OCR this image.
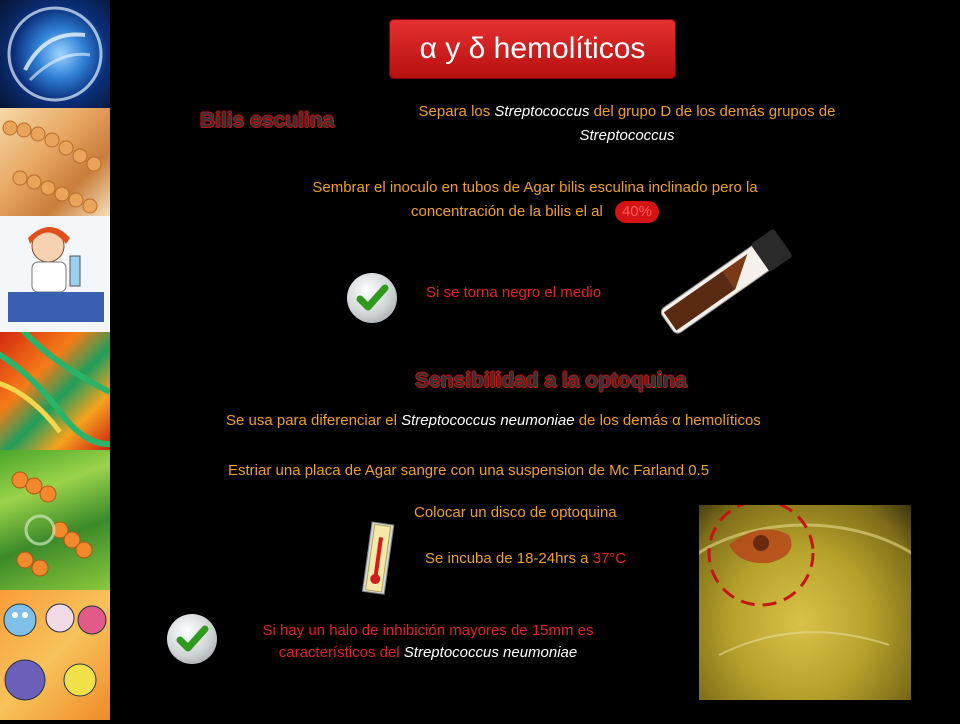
α y δ hemolíticos
Bilis esculina	Separa los Streptococcus del grupo D de los demás grupos de
Streptococcus
Sembrar el inoculo en tubos de Agar bilis esculina inclinado pero la
concentración de la bilis el al 40%
Si se torna negro el medio
Sensibilidad a la optoquina
Se usa para diferenciar el Streptococcus neumoniae de los demás α hemolíticos
Estriar una placa de Agar sangre con una suspension de Mc Farland 0.5
Colocar un disco de optoquina
Se incuba de 18-24hrs a 37°C
Si hay un halo de inhibición mayores de 15mm es
característicos del Streptococcus neumoniae
